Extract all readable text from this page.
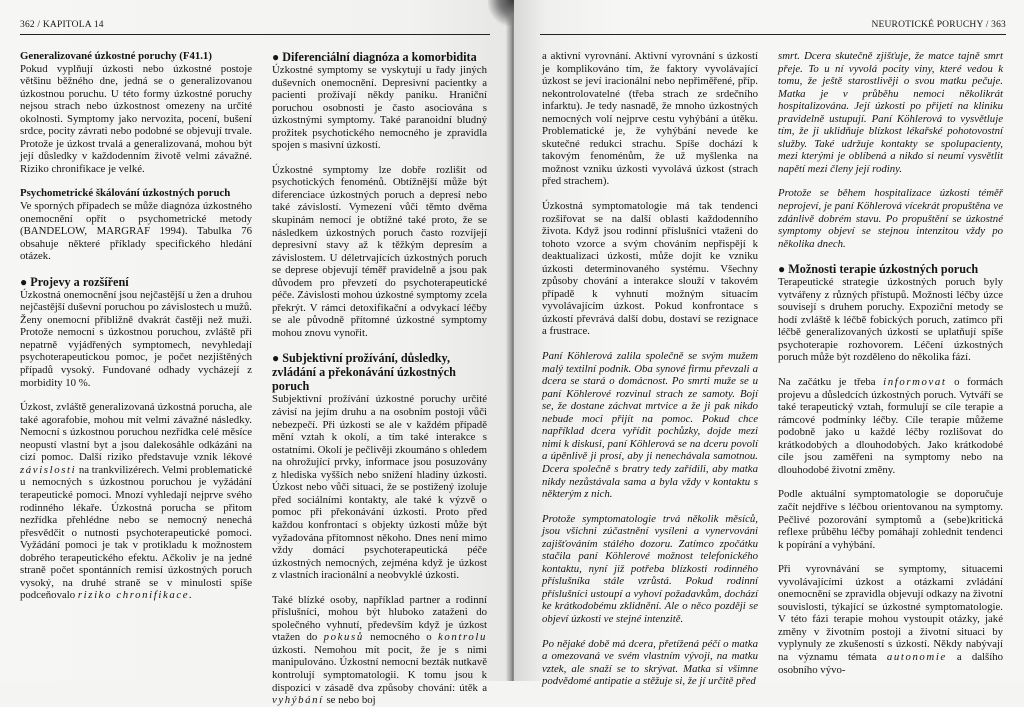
362 / KAPITOLA 14

Generalizované úzkostné poruchy (F41.1)

Pokud vyplňují úzkosti nebo úzkostné postoje většinu běžného dne, jedná se o generalizovanou úzkostnou poruchu. U této formy úzkostné poruchy nejsou strach nebo úzkostnost omezeny na určité okolnosti. Symptomy jako nervozita, pocení, bušení srdce, pocity závrati nebo podobné se objevují trvale. Protože je úzkost trvalá a generalizovaná, mohou být její důsledky v každodenním životě velmi závažné. Riziko chronifikace je velké.

Psychometrické škálování úzkostných poruch

Ve sporných případech se může diagnóza úzkostného onemocnění opřít o psychometrické metody (BANDELOW, MARGRAF 1994). Tabulka 76 obsahuje některé příklady specifického hledání otázek.

● Projevy a rozšíření

Úzkostná onemocnění jsou nejčastější u žen a druhou nejčastější duševní poruchou po závislostech u mužů. Ženy onemocní přibližně dvakrát častěji než muži. Protože nemocní s úzkostnou poruchou, zvláště při nepatrně vyjádřených symptomech, nevyhledají psychoterapeutickou pomoc, je počet nezjištěných případů vysoký. Fundované odhady vycházejí z morbidity 10 %.

Úzkost, zvláště generalizovaná úzkostná porucha, ale také agorafobie, mohou mít velmi závažné následky. Nemocní s úzkostnou poruchou nezřídka celé měsíce neopustí vlastní byt a jsou dalekosáhle odkázáni na cizí pomoc. Další riziko představuje vznik lékové závislosti na trankvilizérech. Velmi problematické u nemocných s úzkostnou poruchou je vyžádání terapeutické pomoci. Mnozí vyhledají nejprve svého rodinného lékaře. Úzkostná porucha se přitom nezřídka přehlédne nebo se nemocný nenechá přesvědčit o nutnosti psychoterapeutické pomoci. Vyžádání pomoci je tak v protikladu k možnostem dobrého terapeutického efektu. Ačkoliv je na jedné straně počet spontánních remisí úzkostných poruch vysoký, na druhé straně se v minulosti spíše podceňovalo riziko chronifikace.

● Diferenciální diagnóza a komorbidita

Úzkostné symptomy se vyskytují u řady jiných duševních onemocnění. Depresivní pacientky a pacienti prožívají někdy paniku. Hraniční poruchou osobnosti je často asociována s úzkostnými symptomy. Také paranoidní bludný prožitek psychotického nemocného je zpravidla spojen s masivní úzkostí.

Úzkostné symptomy lze dobře rozlišit od psychotických fenoménů. Obtížnější může být diferenciace úzkostných poruch a depresí nebo také závislostí. Vymezení vůči těmto dvěma skupinám nemocí je obtížné také proto, že se následkem úzkostných poruch často rozvíjejí depresivní stavy až k těžkým depresím a závislostem. U déletrvajících úzkostných poruch se deprese objevují téměř pravidelně a jsou pak důvodem pro převzetí do psychoterapeutické péče. Závislosti mohou úzkostné symptomy zcela překrýt. V rámci detoxifikační a odvykací léčby se ale původně přítomné úzkostné symptomy mohou znovu vynořit.

● Subjektivní prožívání, důsledky, zvládání a překonávání úzkostných poruch

Subjektivní prožívání úzkostné poruchy určité závisí na jejím druhu a na osobním postoji vůči nebezpečí. Při úzkosti se ale v každém případě mění vztah k okolí, a tím také interakce s ostatními. Okolí je pečlivěji zkoumáno s ohledem na ohrožující prvky, informace jsou posuzovány z hlediska vyšších nebo snížení hladiny úzkosti. Úzkost nebo vůči situaci, že se postižený izoluje před sociálními kontakty, ale také k výzvě o pomoc při překonávání úzkosti. Proto před každou konfrontací s objekty úzkosti může být vyžadována přítomnost někoho. Dnes není mimo vždy domácí psychoterapeutická péče úzkostných nemocných, zejména když je úzkost z vlastních iracionální a neobvyklé úzkosti.

Také blízké osoby, například partner a rodinní příslušníci, mohou být hluboko zataženi do společného vyhnutí, především když je úzkost vtažen do pokusů nemocného o kontrolu úzkosti. Nemohou mít pocit, že je s nimi manipulováno. Úzkostní nemocní bezták nutkavě kontrolují symptomatologii. K tomu jsou k dispozici v zásadě dva způsoby chování: útěk a vyhýbání se nebo boj

NEUROTICKÉ PORUCHY / 363

a aktivní vyrovnání. Aktivní vyrovnání s úzkostí je komplikováno tím, že faktory vyvolávající úzkost se jeví iracionální nebo nepřiměřené, příp. nekontrolovatelné (třeba strach ze srdečního infarktu). Je tedy nasnadě, že mnoho úzkostných nemocných volí nejprve cestu vyhýbání a útěku. Problematické je, že vyhýbání nevede ke skutečné redukci strachu. Spíše dochází k takovým fenoménům, že už myšlenka na možnost vzniku úzkosti vyvolává úzkost (strach před strachem).

Úzkostná symptomatologie má tak tendenci rozšiřovat se na další oblasti každodenního života. Když jsou rodinní příslušníci vtaženi do tohoto vzorce a svým chováním nepřispějí k deaktualizaci úzkosti, může dojít ke vzniku úzkosti determinovaného systému. Všechny způsoby chování a interakce slouží v takovém případě k vyhnutí možným situacím vyvolávajícím úzkost. Pokud konfrontace s úzkostí převrává další dobu, dostaví se rezignace a frustrace.

Paní Köhlerová zalila společně se svým mužem malý textilní podnik. Oba synové firmu převzali a dcera se stará o domácnost. Po smrti muže se u paní Köhlerové rozvinul strach ze samoty. Bojí se, že dostane záchvat mrtvice a že ji pak nikdo nebude moci přijít na pomoc. Pokud chce například dcera vyřídit pochůzky, dojde mezi nimi k diskusi, paní Köhlerová se na dceru povolí a úpěnlivě ji prosí, aby ji nenechávala samotnou. Dcera společně s bratry tedy zařídili, aby matka nikdy nezůstávala sama a byla vždy v kontaktu s některým z nich.

Protože symptomatologie trvá několik měsíců, jsou všichni zúčastnění vysíleni a vynervováni zajišťováním stálého dozoru. Zatímco zpočátku stačila paní Köhlerové možnost telefonického kontaktu, nyní již potřeba blízkosti rodinného příslušníka stále vzrůstá. Pokud rodinní příslušníci ustoupí a vyhoví požadavkům, dochází ke krátkodobému zklidnění. Ale o něco později se objeví úzkosti ve stejné intenzitě.

Po nějaké době má dcera, přetížená péčí o matka a omezovaná ve svém vlastním vývoji, na matku vztek, ale snaží se to skrývat. Matka si všimne podvědomé antipatie a stěžuje si, že jí určitě před

smrt. Dcera skutečně zjišťuje, že matce tajně smrt přeje. To u ní vyvolá pocity viny, které vedou k tomu, že ještě starostlivěji o svou matku pečuje. Matka je v průběhu nemoci několikrát hospitalizována. Její úzkosti po přijetí na kliniku pravidelně ustupují. Paní Köhlerová to vysvětluje tím, že ji uklidňuje blízkost lékařské pohotovostní služby. Také udržuje kontakty se spolupacienty, mezi kterými je oblíbená a nikdo si neumí vysvětlit napětí mezi členy její rodiny.

Protože se během hospitalizace úzkosti téměř neprojeví, je paní Köhlerová vícekrát propuštěna ve zdánlivě dobrém stavu. Po propuštění se úzkostné symptomy objeví se stejnou intenzitou vždy po několika dnech.

● Možnosti terapie úzkostných poruch

Terapeutické strategie úzkostných poruch byly vytvářeny z různých přístupů. Možnosti léčby úzce souvisejí s druhem poruchy. Expoziční metody se hodí zvláště k léčbě fobických poruch, zatímco při léčbě generalizovaných úzkostí se uplatňují spíše psychoterapie rozhovorem. Léčení úzkostných poruch může být rozděleno do několika fází.

Na začátku je třeba informovat o formách projevu a důsledcích úzkostných poruch. Vytváří se také terapeutický vztah, formulují se cíle terapie a rámcové podmínky léčby. Cíle terapie můžeme podobně jako u každé léčby rozlišovat do krátkodobých a dlouhodobých. Jako krátkodobé cíle jsou zaměřeni na symptomy nebo na dlouhodobé životní změny.

Podle aktuální symptomatologie se doporučuje začít nejdříve s léčbou orientovanou na symptomy. Pečlivé pozorování symptomů a (sebe)kritická reflexe průběhu léčby pomáhají zohlednit tendenci k popírání a vyhýbání.

Při vyrovnávání se symptomy, situacemi vyvolávajícími úzkost a otázkami zvládání onemocnění se zpravidla objevují odkazy na životní souvislosti, týkající se úzkostné symptomatologie. V této fázi terapie mohou vystoupit otázky, jaké změny v životním postoji a životní situaci by vyplynuly ze zkušeností s úzkostí. Někdy nabývají na významu témata autonomie a dalšího osobního vývo-
